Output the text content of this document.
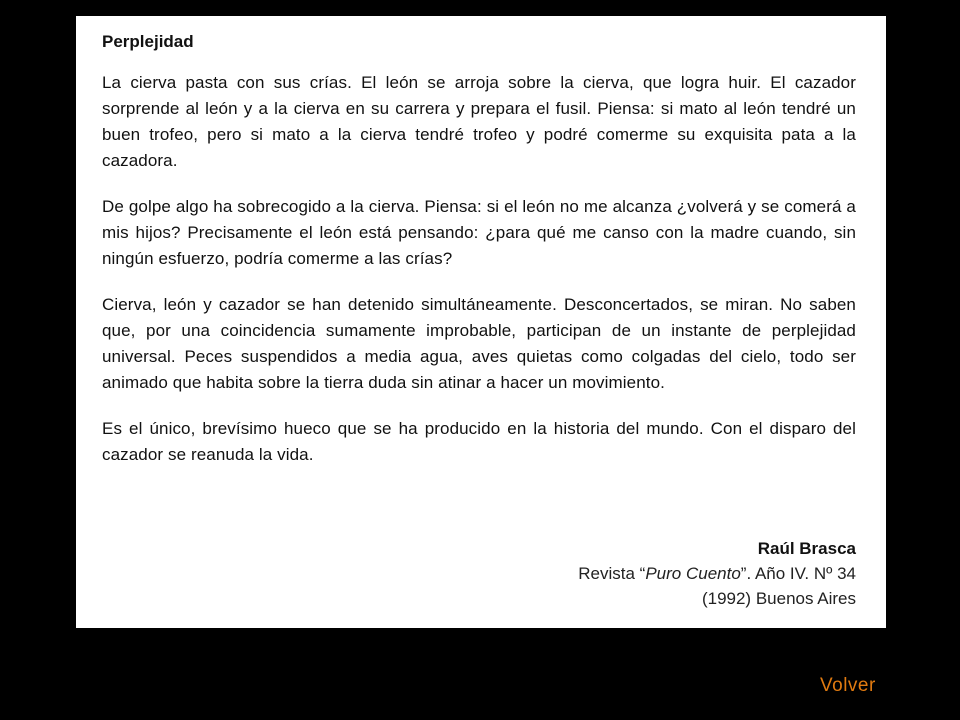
Perplejidad

La cierva pasta con sus crías. El león se arroja sobre la cierva, que logra huir. El cazador sorprende al león y a la cierva en su carrera y prepara el fusil. Piensa: si mato al león tendré un buen trofeo, pero si mato a la cierva tendré trofeo y podré comerme su exquisita pata a la cazadora.

De golpe algo ha sobrecogido a la cierva. Piensa: si el león no me alcanza ¿volverá y se comerá a mis hijos? Precisamente el león está pensando: ¿para qué me canso con la madre cuando, sin ningún esfuerzo, podría comerme a las crías?

Cierva, león y cazador se han detenido simultáneamente. Desconcertados, se miran. No saben que, por una coincidencia sumamente improbable, participan de un instante de perplejidad universal. Peces suspendidos a media agua, aves quietas como colgadas del cielo, todo ser animado que habita sobre la tierra duda sin atinar a hacer un movimiento.

Es el único, brevísimo hueco que se ha producido en la historia del mundo. Con el disparo del cazador se reanuda la vida.

Raúl Brasca
Revista “Puro Cuento”. Año IV. Nº 34
(1992) Buenos Aires
Volver
